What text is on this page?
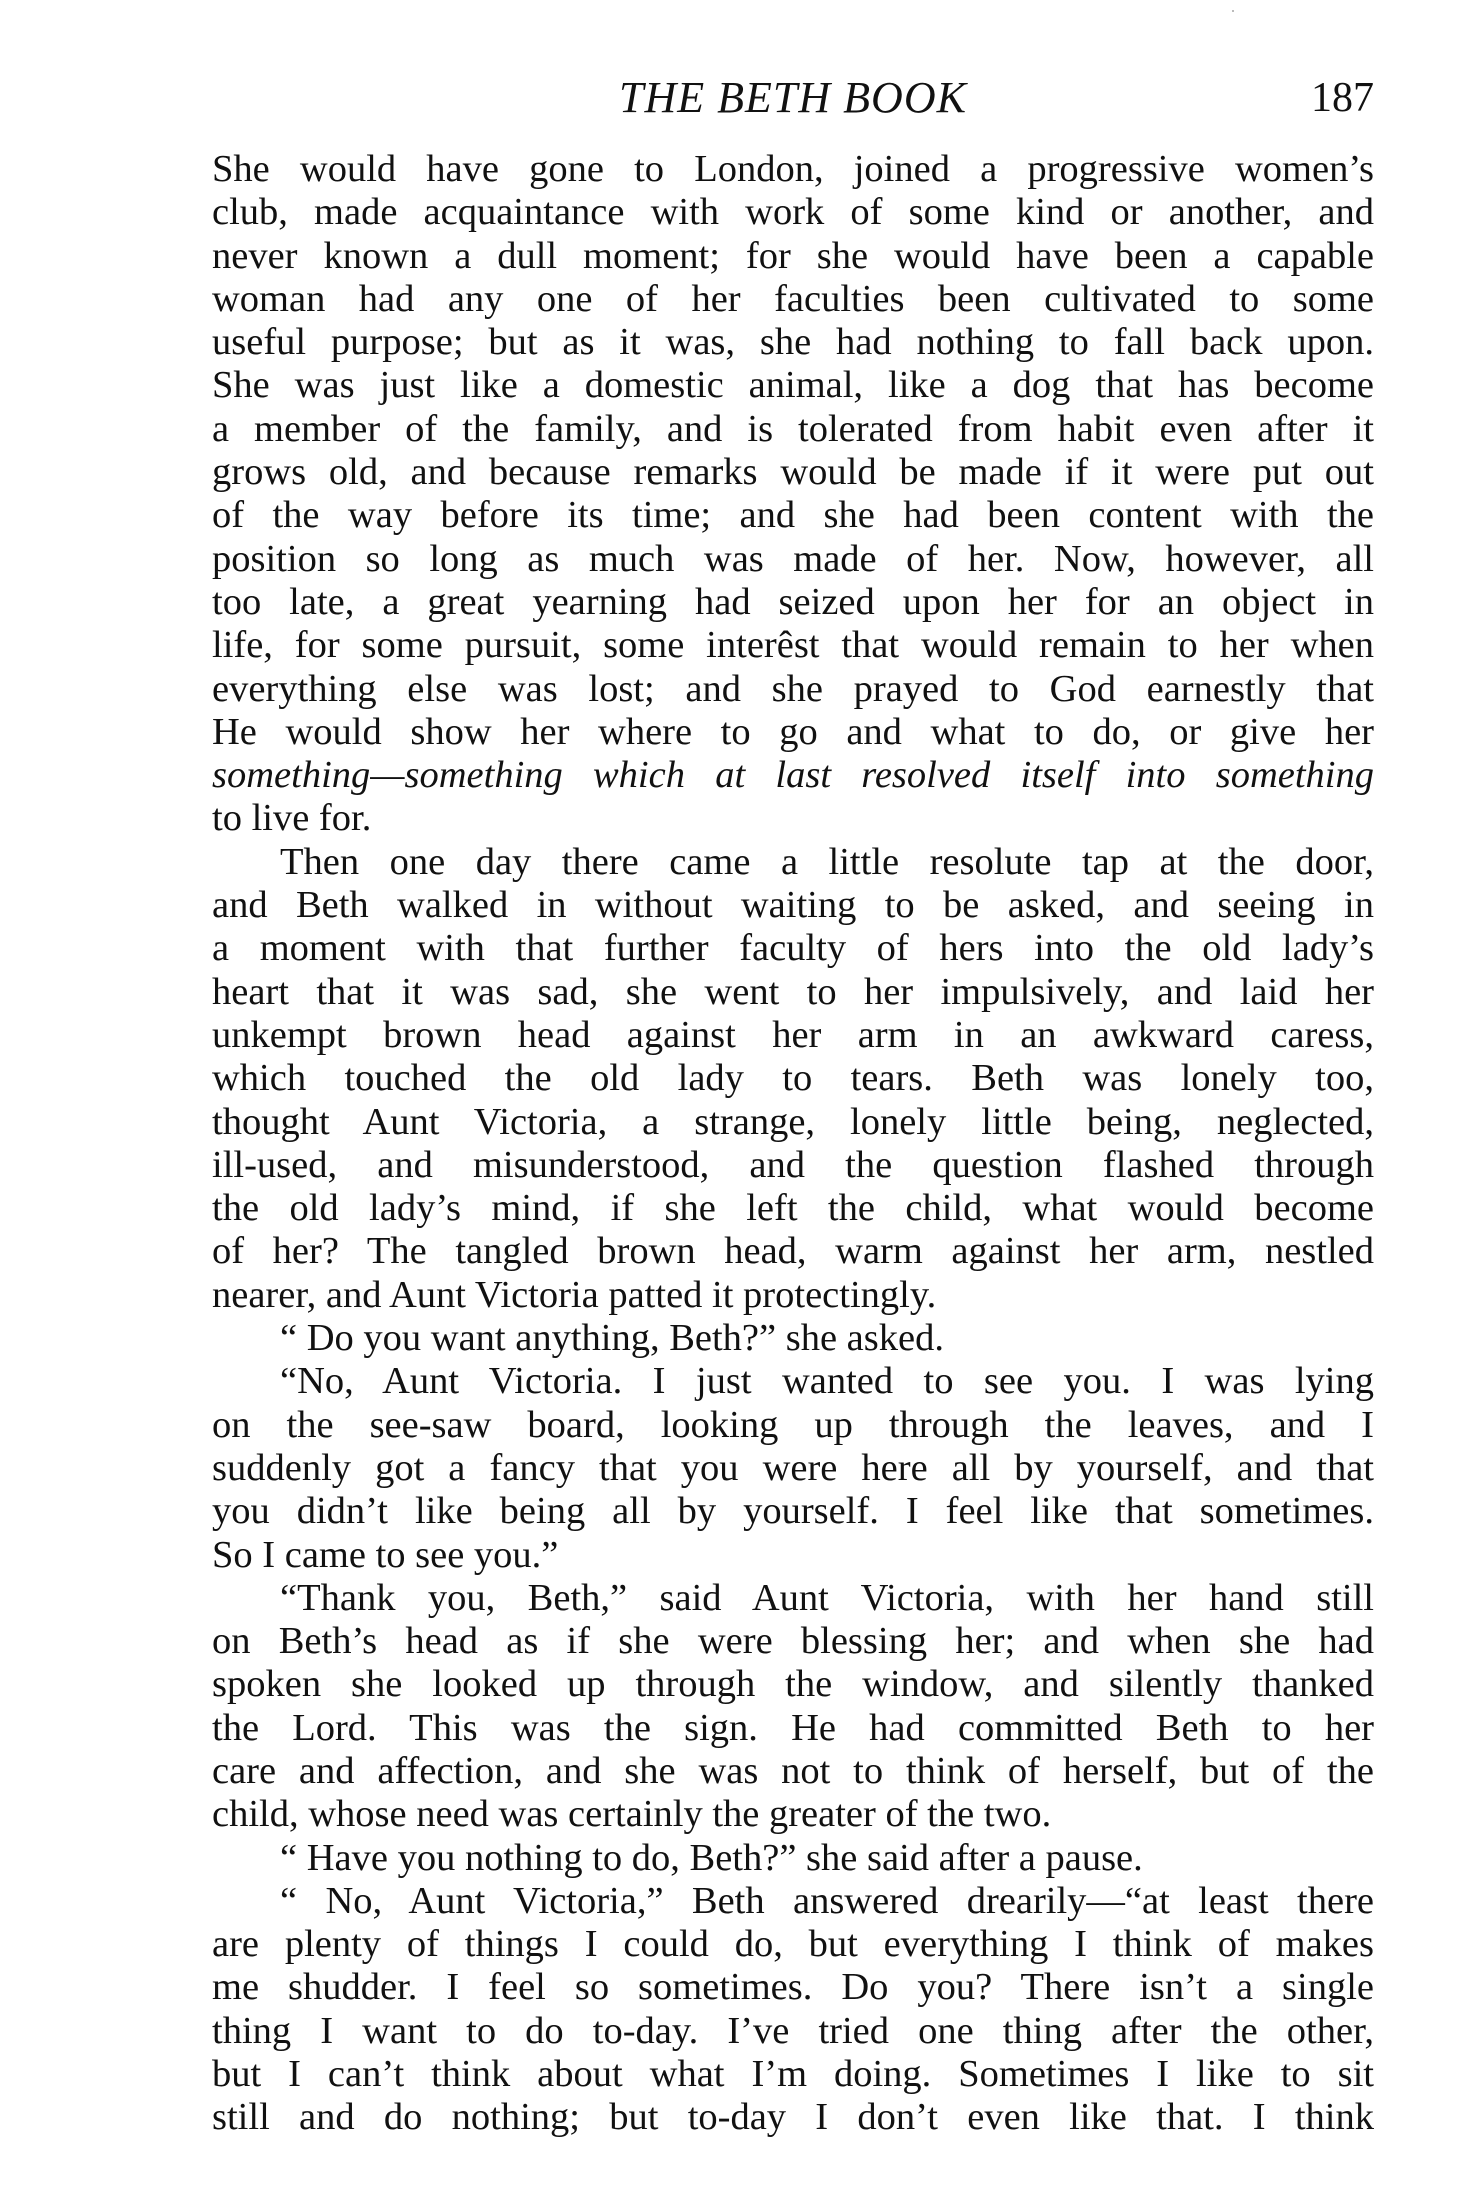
THE BETH BOOK	187
She would have gone to London, joined a progressive women’s
club, made acquaintance with work of some kind or another, and
never known a dull moment; for she would have been a capable
woman had any one of her faculties been cultivated to some
useful purpose; but as it was, she had nothing to fall back upon.
She was just like a domestic animal, like a dog that has become
a member of the family, and is tolerated from habit even after it
grows old, and because remarks would be made if it were put out
of the way before its time; and she had been content with the
position so long as much was made of her. Now, however, all
too late, a great yearning had seized upon her for an object in
life, for some pursuit, some interêst that would remain to her when
everything else was lost; and she prayed to God earnestly that
He would show her where to go and what to do, or give her
something—something which at last resolved itself into something
to live for.
Then one day there came a little resolute tap at the door,
and Beth walked in without waiting to be asked, and seeing in
a moment with that further faculty of hers into the old lady’s
heart that it was sad, she went to her impulsively, and laid her
unkempt brown head against her arm in an awkward caress,
which touched the old lady to tears. Beth was lonely too,
thought Aunt Victoria, a strange, lonely little being, neglected,
ill-used, and misunderstood, and the question flashed through
the old lady’s mind, if she left the child, what would become
of her? The tangled brown head, warm against her arm, nestled
nearer, and Aunt Victoria patted it protectingly.
“ Do you want anything, Beth?” she asked.
“No, Aunt Victoria. I just wanted to see you. I was lying
on the see-saw board, looking up through the leaves, and I
suddenly got a fancy that you were here all by yourself, and that
you didn’t like being all by yourself. I feel like that sometimes.
So I came to see you.”
“Thank you, Beth,” said Aunt Victoria, with her hand still
on Beth’s head as if she were blessing her; and when she had
spoken she looked up through the window, and silently thanked
the Lord. This was the sign. He had committed Beth to her
care and affection, and she was not to think of herself, but of the
child, whose need was certainly the greater of the two.
“ Have you nothing to do, Beth?” she said after a pause.
“ No, Aunt Victoria,” Beth answered drearily—“at least there
are plenty of things I could do, but everything I think of makes
me shudder. I feel so sometimes. Do you? There isn’t a single
thing I want to do to-day. I’ve tried one thing after the other,
but I can’t think about what I’m doing. Sometimes I like to sit
still and do nothing; but to-day I don’t even like that. I think
